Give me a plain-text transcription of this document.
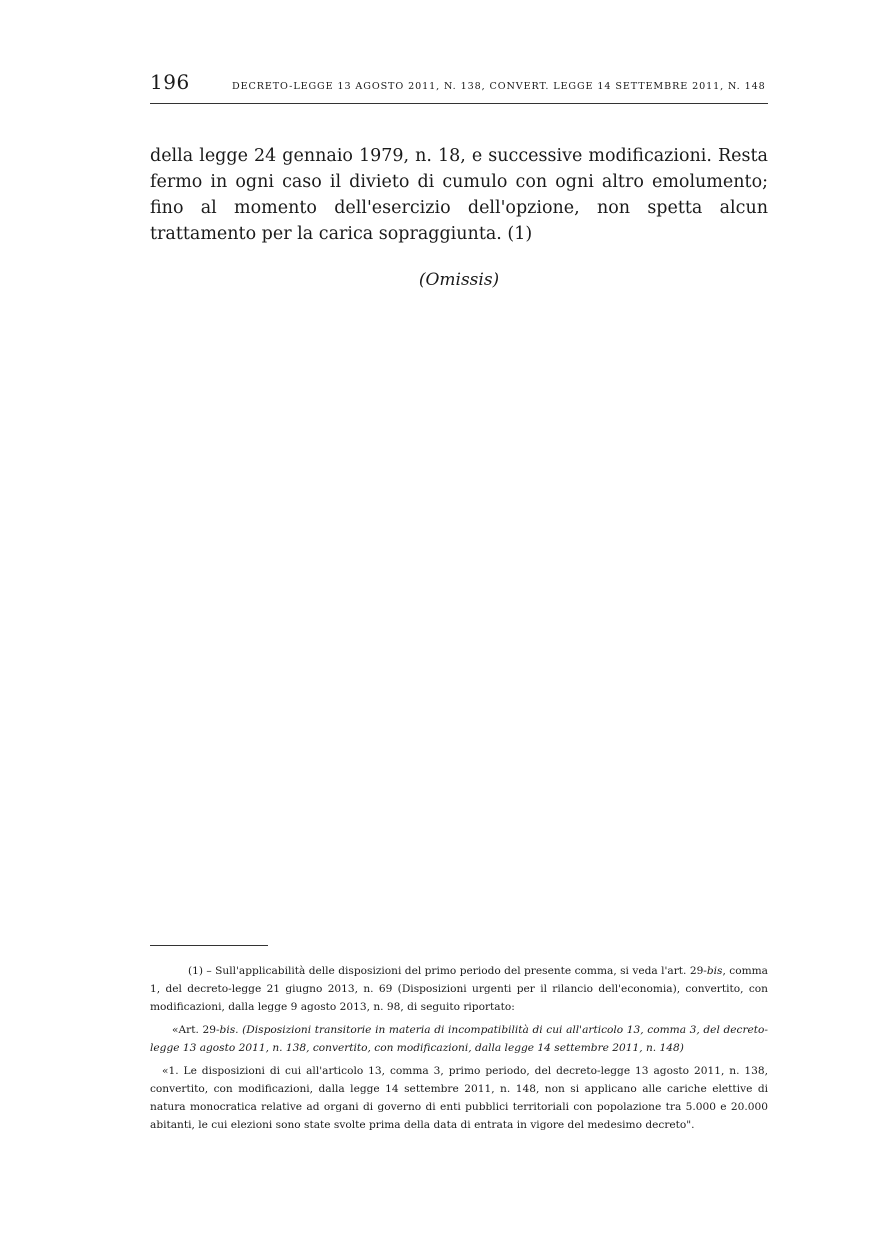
196	DECRETO-LEGGE 13 AGOSTO 2011, N. 138, CONVERT. LEGGE 14 SETTEMBRE 2011, N. 148

della legge 24 gennaio 1979, n. 18, e successive modificazioni. Resta fermo in ogni caso il divieto di cumulo con ogni altro emolumento; fino al momento dell'esercizio dell'opzione, non spetta alcun trattamento per la carica sopraggiunta. (1)

(Omissis)

(1) – Sull'applicabilità delle disposizioni del primo periodo del presente comma, si veda l'art. 29-bis, comma 1, del decreto-legge 21 giugno 2013, n. 69 (Disposizioni urgenti per il rilancio dell'economia), convertito, con modificazioni, dalla legge 9 agosto 2013, n. 98, di seguito riportato:

«Art. 29-bis. (Disposizioni transitorie in materia di incompatibilità di cui all'articolo 13, comma 3, del decreto-legge 13 agosto 2011, n. 138, convertito, con modificazioni, dalla legge 14 settembre 2011, n. 148)

«1. Le disposizioni di cui all'articolo 13, comma 3, primo periodo, del decreto-legge 13 agosto 2011, n. 138, convertito, con modificazioni, dalla legge 14 settembre 2011, n. 148, non si applicano alle cariche elettive di natura monocratica relative ad organi di governo di enti pubblici territoriali con popolazione tra 5.000 e 20.000 abitanti, le cui elezioni sono state svolte prima della data di entrata in vigore del medesimo decreto".
